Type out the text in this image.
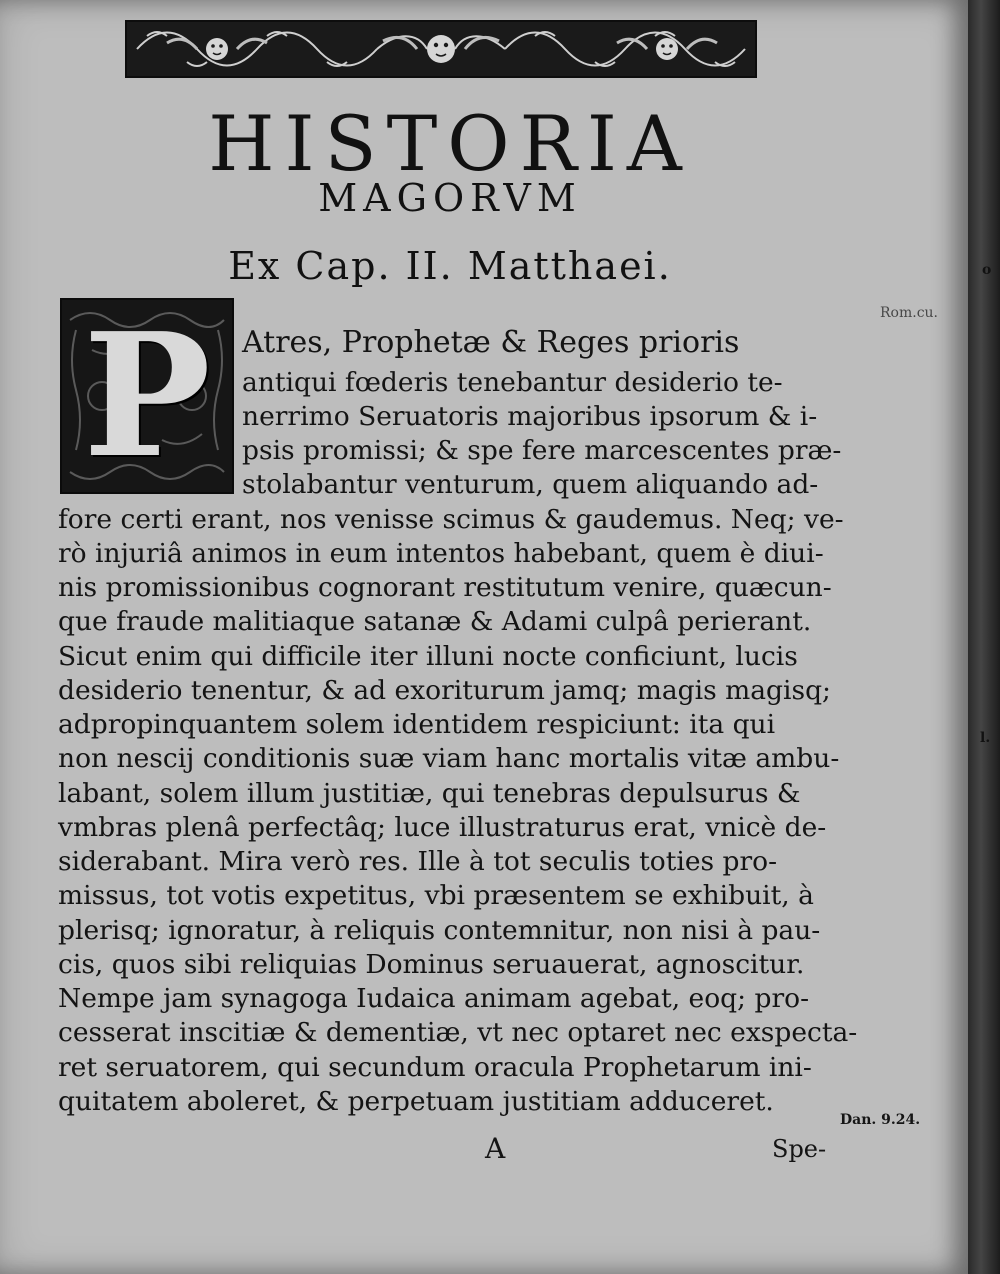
HISTORIA
MAGORVM
Ex Cap. II. Matthaei.
P	Atres, Prophetæ & Reges prioris

antiqui fœderis tenebantur desiderio te-

nerrimo Seruatoris majoribus ipsorum & i-

psis promissi; & spe fere marcescentes præ-

stolabantur venturum, quem aliquando ad-

fore certi erant, nos venisse scimus & gaudemus. Neq; ve-

rò injuriâ animos in eum intentos habebant, quem è diui-

nis promissionibus cognorant restitutum venire, quæcun-

que fraude malitiaque satanæ & Adami culpâ perierant.

Sicut enim qui difficile iter illuni nocte conficiunt, lucis

desiderio tenentur, & ad exoriturum jamq; magis magisq;

adpropinquantem solem identidem respiciunt: ita qui

non nescij conditionis suæ viam hanc mortalis vitæ ambu-

labant, solem illum justitiæ, qui tenebras depulsurus &

vmbras plenâ perfectâq; luce illustraturus erat, vnicè de-

siderabant. Mira verò res. Ille à tot seculis toties pro-

missus, tot votis expetitus, vbi præsentem se exhibuit, à

plerisq; ignoratur, à reliquis contemnitur, non nisi à pau-

cis, quos sibi reliquias Dominus seruauerat, agnoscitur.

Nempe jam synagoga Iudaica animam agebat, eoq; pro-

cesserat inscitiæ & dementiæ, vt nec optaret nec exspecta-

ret seruatorem, qui secundum oracula Prophetarum ini-

quitatem aboleret, & perpetuam justitiam adduceret.

Dan. 9.24.

Rom.cu.

A	Spe-

o
l.
